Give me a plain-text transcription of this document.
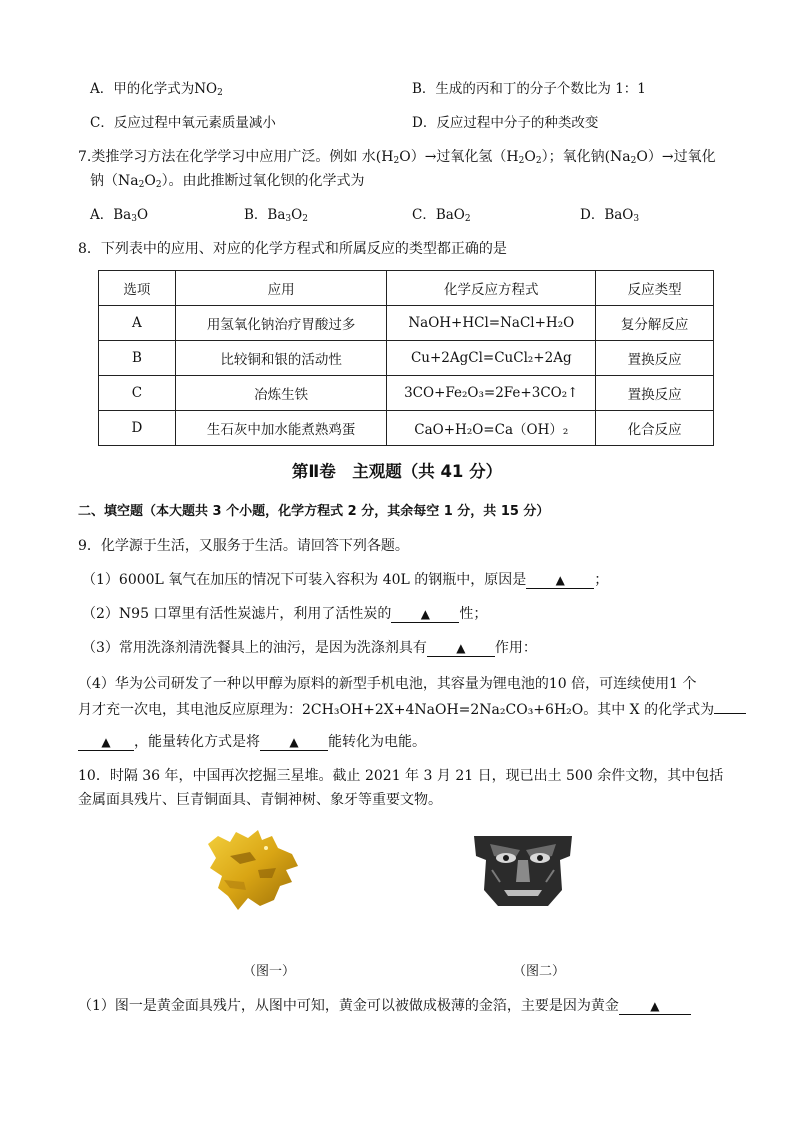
A．甲的化学式为$NO_2$	B．生成的丙和丁的分子个数比为 1：1
C．反应过程中氧元素质量减小	D．反应过程中分子的种类改变
7.类推学习方法在化学学习中应用广泛。例如 水$(H_2O)\to$过氧化氢$(H_2O_2)$；氧化钠$(Na_2O)\to$过氧化
钠$(Na_2O_2)$。由此推断过氧化钡的化学式为
A．$Ba_3O$	B．$Ba_3O_2$	C．BaO$_2$	D．BaO$_3$
8．下列表中的应用、对应的化学方程式和所属反应的类型都正确的是
选项	应用	化学反应方程式	反应类型
A	用氢氧化钠治疗胃酸过多	NaOH+HCl=NaCl+H₂O	复分解反应
B	比较铜和银的活动性	Cu+2AgCl=CuCl₂+2Ag	置换反应
C	冶炼生铁	3CO+Fe₂O₃=2Fe+3CO₂↑	置换反应
D	生石灰中加水能煮熟鸡蛋	CaO+H₂O=Ca（OH）₂	化合反应
第Ⅱ卷　主观题（共 41 分）
二、填空题（本大题共 3 个小题，化学方程式 2 分，其余每空 1 分，共 15 分）
9．化学源于生活，又服务于生活。请回答下列各题。
（1）6000L 氧气在加压的情况下可装入容积为 40L 的钢瓶中，原因是 ▲ ；
（2）N95 口罩里有活性炭滤片，利用了活性炭的 ▲ 性；
（3）常用洗涤剂清洗餐具上的油污，是因为洗涤剂具有 ▲ 作用：
（4）华为公司研发了一种以甲醇为原料的新型手机电池，其容量为锂电池的10 倍，可连续使用1 个
月才充一次电，其电池反应原理为：2CH₃OH+2X+4NaOH=2Na₂CO₃+6H₂O。其中 X 的化学式为
▲ ，能量转化方式是将 ▲ 能转化为电能。
10．时隔 36 年，中国再次挖掘三星堆。截止 2021 年 3 月 21 日，现已出土 500 余件文物，其中包括
金属面具残片、巨青铜面具、青铜神树、象牙等重要文物。
（图一）	（图二）
（1）图一是黄金面具残片，从图中可知，黄金可以被做成极薄的金箔，主要是因为黄金	▲
